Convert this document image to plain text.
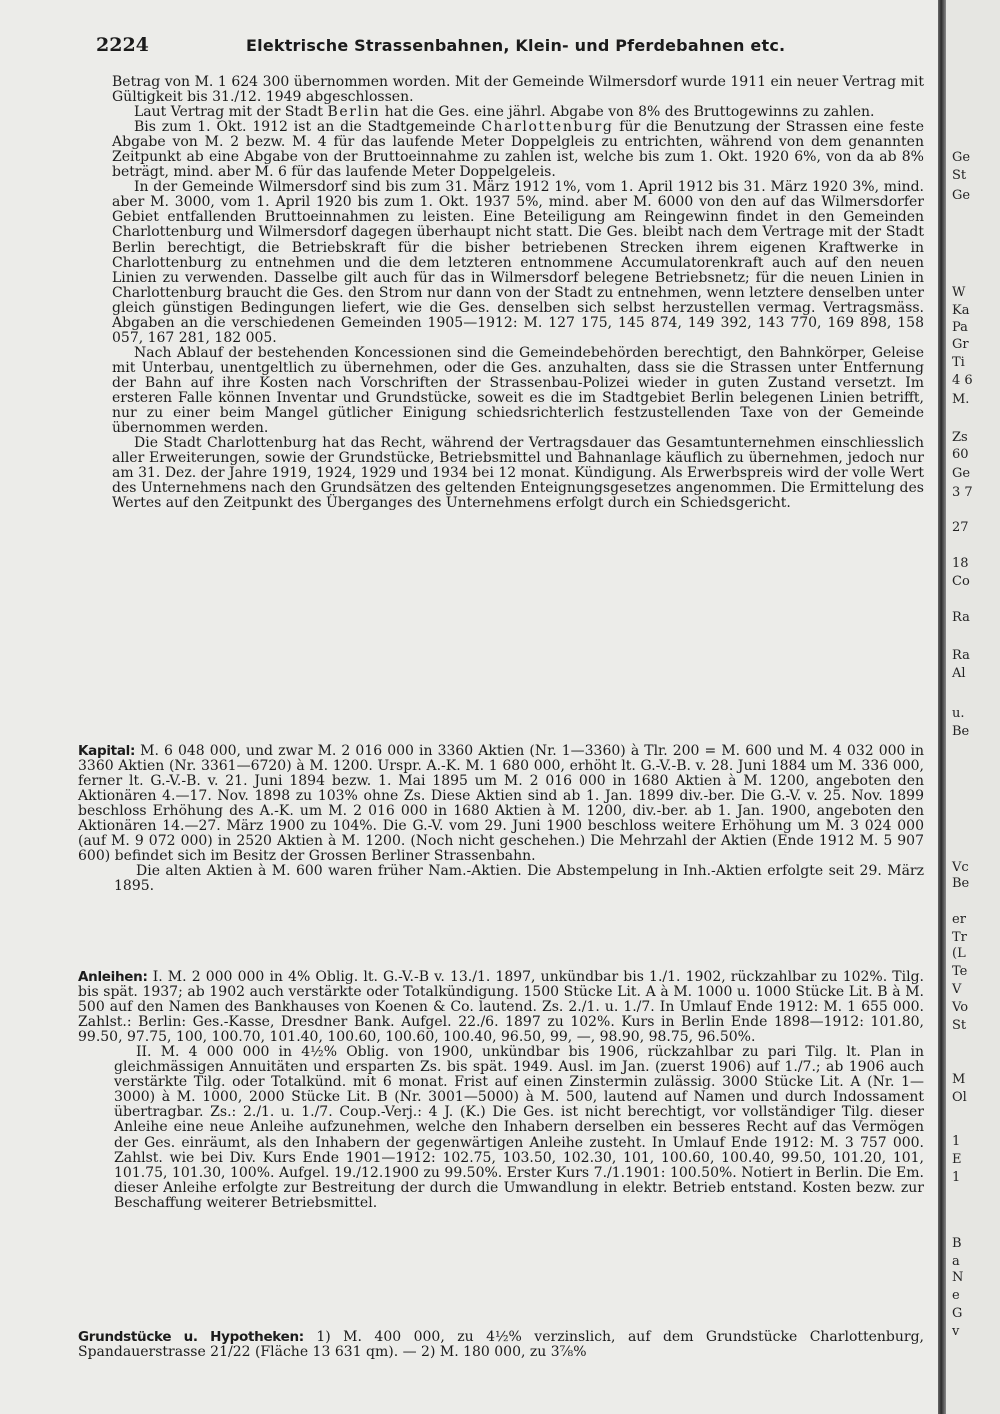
2224	Elektrische Strassenbahnen, Klein- und Pferdebahnen etc.

Betrag von M. 1 624 300 übernommen worden. Mit der Gemeinde Wilmersdorf wurde 1911 ein neuer Vertrag mit Gültigkeit bis 31./12. 1949 abgeschlossen.

Laut Vertrag mit der Stadt Berlin hat die Ges. eine jährl. Abgabe von 8% des Bruttogewinns zu zahlen.

Bis zum 1. Okt. 1912 ist an die Stadtgemeinde Charlottenburg für die Benutzung der Strassen eine feste Abgabe von M. 2 bezw. M. 4 für das laufende Meter Doppelgleis zu entrichten, während von dem genannten Zeitpunkt ab eine Abgabe von der Bruttoeinnahme zu zahlen ist, welche bis zum 1. Okt. 1920 6%, von da ab 8% beträgt, mind. aber M. 6 für das laufende Meter Doppelgeleis.

In der Gemeinde Wilmersdorf sind bis zum 31. März 1912 1%, vom 1. April 1912 bis 31. März 1920 3%, mind. aber M. 3000, vom 1. April 1920 bis zum 1. Okt. 1937 5%, mind. aber M. 6000 von den auf das Wilmersdorfer Gebiet entfallenden Bruttoeinnahmen zu leisten. Eine Beteiligung am Reingewinn findet in den Gemeinden Charlottenburg und Wilmersdorf dagegen überhaupt nicht statt. Die Ges. bleibt nach dem Vertrage mit der Stadt Berlin berechtigt, die Betriebskraft für die bisher betriebenen Strecken ihrem eigenen Kraftwerke in Charlottenburg zu entnehmen und die dem letzteren entnommene Accumulatorenkraft auch auf den neuen Linien zu verwenden. Dasselbe gilt auch für das in Wilmersdorf belegene Betriebsnetz; für die neuen Linien in Charlottenburg braucht die Ges. den Strom nur dann von der Stadt zu entnehmen, wenn letztere denselben unter gleich günstigen Bedingungen liefert, wie die Ges. denselben sich selbst herzustellen vermag. Vertragsmäss. Abgaben an die verschiedenen Gemeinden 1905—1912: M. 127 175, 145 874, 149 392, 143 770, 169 898, 158 057, 167 281, 182 005.

Nach Ablauf der bestehenden Koncessionen sind die Gemeindebehörden berechtigt, den Bahnkörper, Geleise mit Unterbau, unentgeltlich zu übernehmen, oder die Ges. anzuhalten, dass sie die Strassen unter Entfernung der Bahn auf ihre Kosten nach Vorschriften der Strassenbau-Polizei wieder in guten Zustand versetzt. Im ersteren Falle können Inventar und Grundstücke, soweit es die im Stadtgebiet Berlin belegenen Linien betrifft, nur zu einer beim Mangel gütlicher Einigung schiedsrichterlich festzustellenden Taxe von der Gemeinde übernommen werden.

Die Stadt Charlottenburg hat das Recht, während der Vertragsdauer das Gesamtunternehmen einschliesslich aller Erweiterungen, sowie der Grundstücke, Betriebsmittel und Bahnanlage käuflich zu übernehmen, jedoch nur am 31. Dez. der Jahre 1919, 1924, 1929 und 1934 bei 12 monat. Kündigung. Als Erwerbspreis wird der volle Wert des Unternehmens nach den Grundsätzen des geltenden Enteignungsgesetzes angenommen. Die Ermittelung des Wertes auf den Zeitpunkt des Überganges des Unternehmens erfolgt durch ein Schiedsgericht.

Kapital: M. 6 048 000, und zwar M. 2 016 000 in 3360 Aktien (Nr. 1—3360) à Tlr. 200 = M. 600 und M. 4 032 000 in 3360 Aktien (Nr. 3361—6720) à M. 1200. Urspr. A.-K. M. 1 680 000, erhöht lt. G.-V.-B. v. 28. Juni 1884 um M. 336 000, ferner lt. G.-V.-B. v. 21. Juni 1894 bezw. 1. Mai 1895 um M. 2 016 000 in 1680 Aktien à M. 1200, angeboten den Aktionären 4.—17. Nov. 1898 zu 103% ohne Zs. Diese Aktien sind ab 1. Jan. 1899 div.-ber. Die G.-V. v. 25. Nov. 1899 beschloss Erhöhung des A.-K. um M. 2 016 000 in 1680 Aktien à M. 1200, div.-ber. ab 1. Jan. 1900, angeboten den Aktionären 14.—27. März 1900 zu 104%. Die G.-V. vom 29. Juni 1900 beschloss weitere Erhöhung um M. 3 024 000 (auf M. 9 072 000) in 2520 Aktien à M. 1200. (Noch nicht geschehen.) Die Mehrzahl der Aktien (Ende 1912 M. 5 907 600) befindet sich im Besitz der Grossen Berliner Strassenbahn.

Die alten Aktien à M. 600 waren früher Nam.-Aktien. Die Abstempelung in Inh.-Aktien erfolgte seit 29. März 1895.

Anleihen: I. M. 2 000 000 in 4% Oblig. lt. G.-V.-B v. 13./1. 1897, unkündbar bis 1./1. 1902, rückzahlbar zu 102%. Tilg. bis spät. 1937; ab 1902 auch verstärkte oder Totalkündigung. 1500 Stücke Lit. A à M. 1000 u. 1000 Stücke Lit. B à M. 500 auf den Namen des Bankhauses von Koenen & Co. lautend. Zs. 2./1. u. 1./7. In Umlauf Ende 1912: M. 1 655 000. Zahlst.: Berlin: Ges.-Kasse, Dresdner Bank. Aufgel. 22./6. 1897 zu 102%. Kurs in Berlin Ende 1898—1912: 101.80, 99.50, 97.75, 100, 100.70, 101.40, 100.60, 100.60, 100.40, 96.50, 99, —, 98.90, 98.75, 96.50%.

II. M. 4 000 000 in 4½% Oblig. von 1900, unkündbar bis 1906, rückzahlbar zu pari Tilg. lt. Plan in gleichmässigen Annuitäten und ersparten Zs. bis spät. 1949. Ausl. im Jan. (zuerst 1906) auf 1./7.; ab 1906 auch verstärkte Tilg. oder Totalkünd. mit 6 monat. Frist auf einen Zinstermin zulässig. 3000 Stücke Lit. A (Nr. 1—3000) à M. 1000, 2000 Stücke Lit. B (Nr. 3001—5000) à M. 500, lautend auf Namen und durch Indossament übertragbar. Zs.: 2./1. u. 1./7. Coup.-Verj.: 4 J. (K.) Die Ges. ist nicht berechtigt, vor vollständiger Tilg. dieser Anleihe eine neue Anleihe aufzunehmen, welche den Inhabern derselben ein besseres Recht auf das Vermögen der Ges. einräumt, als den Inhabern der gegenwärtigen Anleihe zusteht. In Umlauf Ende 1912: M. 3 757 000. Zahlst. wie bei Div. Kurs Ende 1901—1912: 102.75, 103.50, 102.30, 101, 100.60, 100.40, 99.50, 101.20, 101, 101.75, 101.30, 100%. Aufgel. 19./12.1900 zu 99.50%. Erster Kurs 7./1.1901: 100.50%. Notiert in Berlin. Die Em. dieser Anleihe erfolgte zur Bestreitung der durch die Umwandlung in elektr. Betrieb entstand. Kosten bezw. zur Beschaffung weiterer Betriebsmittel.

Grundstücke u. Hypotheken: 1) M. 400 000, zu 4½% verzinslich, auf dem Grundstücke Charlottenburg, Spandauerstrasse 21/22 (Fläche 13 631 qm). — 2) M. 180 000, zu 3⅞%

Ge
St
Ge
W
Ka
Pa
Gr
Ti
4 6
M.
Zs
60
Ge
3 7
27
18
Co
Ra
Ra
Al
u.
Be
Vc
Be
er
Tr
(L
Te
V
Vo
St
M
Ol
1
E
1
B
a
N
e
G
v
